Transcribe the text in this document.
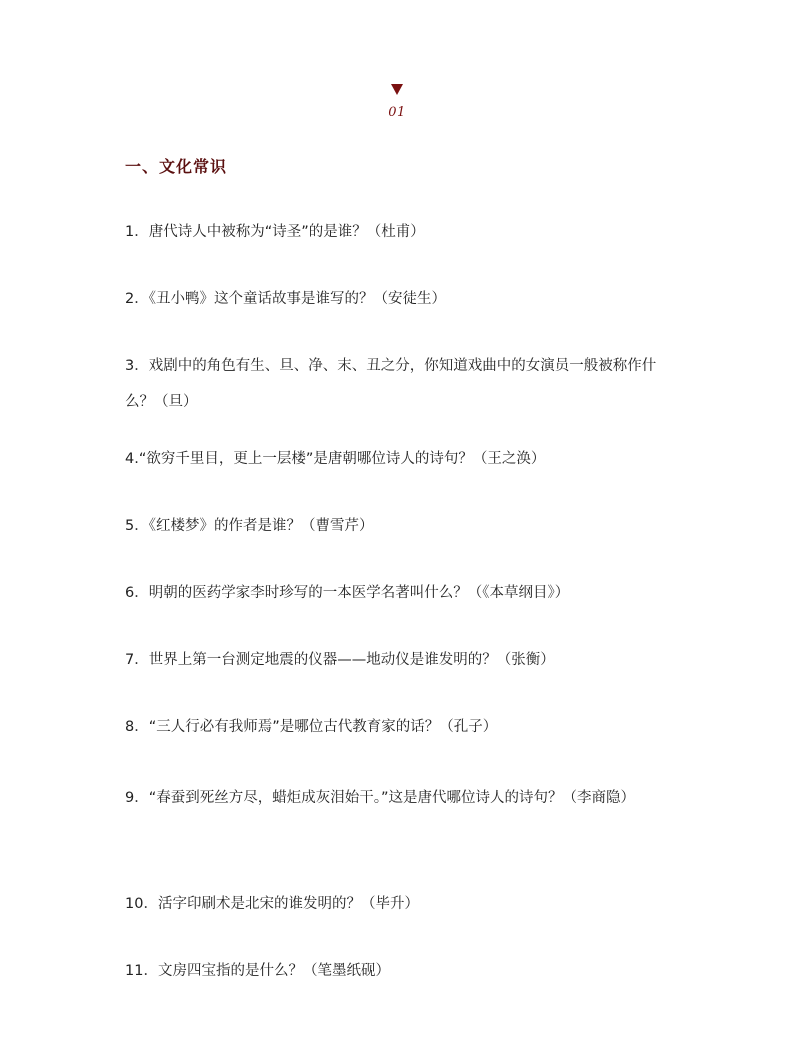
01
一、文化常识
1．唐代诗人中被称为“诗圣”的是谁？（杜甫）
2．《丑小鸭》这个童话故事是谁写的？（安徒生）
3．戏剧中的角色有生、旦、净、末、丑之分，你知道戏曲中的女演员一般被称作什么？（旦）
4.“欲穷千里目，更上一层楼”是唐朝哪位诗人的诗句？（王之涣）
5．《红楼梦》的作者是谁？（曹雪芹）
6．明朝的医药学家李时珍写的一本医学名著叫什么？（《本草纲目》）
7．世界上第一台测定地震的仪器——地动仪是谁发明的？（张衡）
8．“三人行必有我师焉”是哪位古代教育家的话？（孔子）
9．“春蚕到死丝方尽，蜡炬成灰泪始干。”这是唐代哪位诗人的诗句？（李商隐）
10．活字印刷术是北宋的谁发明的？（毕升）
11．文房四宝指的是什么？（笔墨纸砚）
